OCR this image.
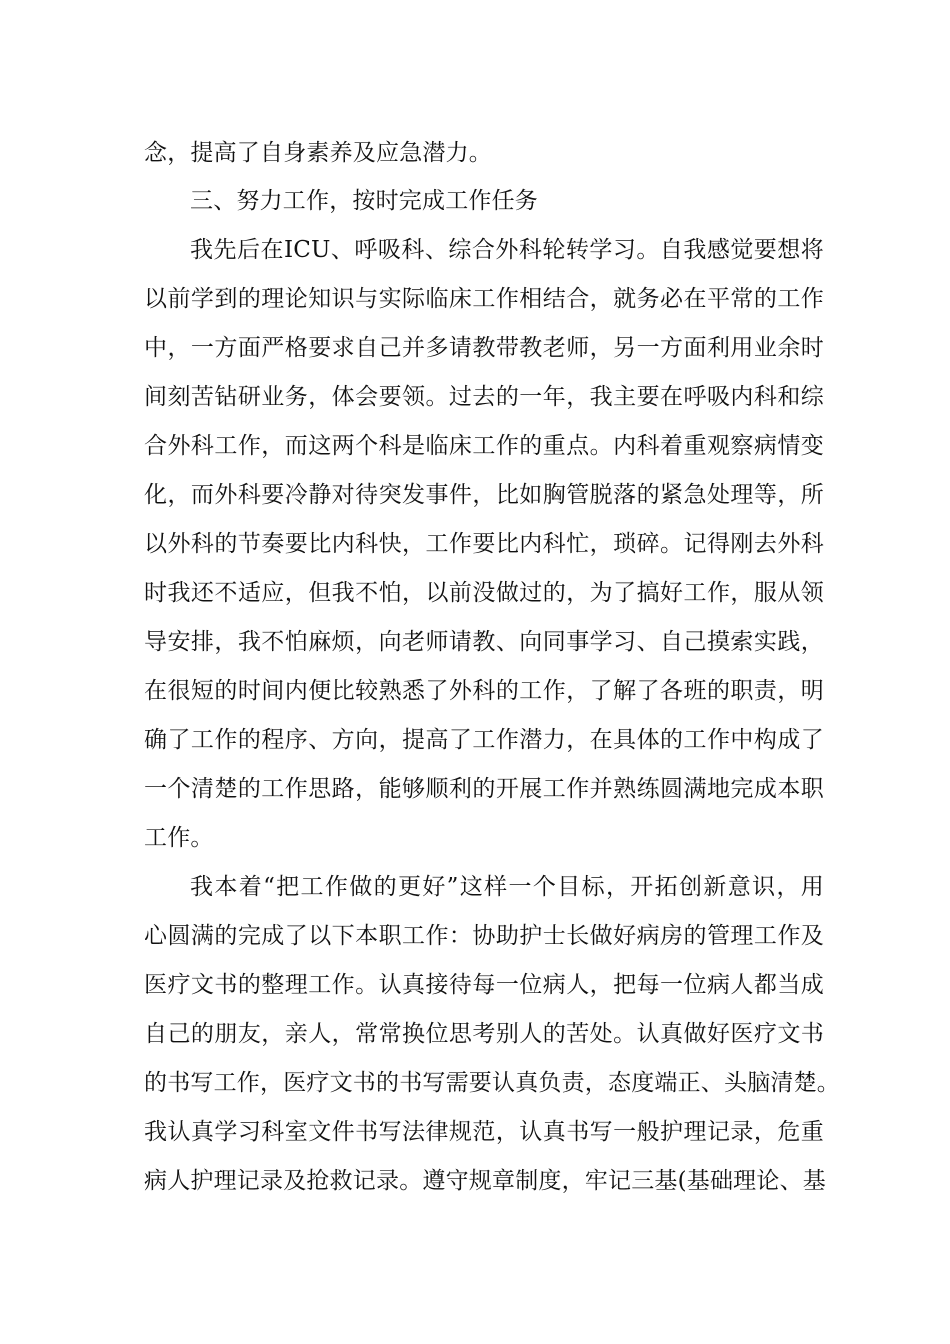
念，提高了自身素养及应急潜力。
三、努力工作，按时完成工作任务
我先后在ICU、呼吸科、综合外科轮转学习。自我感觉要想将
以前学到的理论知识与实际临床工作相结合，就务必在平常的工作
中，一方面严格要求自己并多请教带教老师，另一方面利用业余时
间刻苦钻研业务，体会要领。过去的一年，我主要在呼吸内科和综
合外科工作，而这两个科是临床工作的重点。内科着重观察病情变
化，而外科要冷静对待突发事件，比如胸管脱落的紧急处理等，所
以外科的节奏要比内科快，工作要比内科忙，琐碎。记得刚去外科
时我还不适应，但我不怕，以前没做过的，为了搞好工作，服从领
导安排，我不怕麻烦，向老师请教、向同事学习、自己摸索实践，
在很短的时间内便比较熟悉了外科的工作，了解了各班的职责，明
确了工作的程序、方向，提高了工作潜力，在具体的工作中构成了
一个清楚的工作思路，能够顺利的开展工作并熟练圆满地完成本职
工作。
我本着“把工作做的更好”这样一个目标，开拓创新意识，用
心圆满的完成了以下本职工作：协助护士长做好病房的管理工作及
医疗文书的整理工作。认真接待每一位病人，把每一位病人都当成
自己的朋友，亲人，常常换位思考别人的苦处。认真做好医疗文书
的书写工作，医疗文书的书写需要认真负责，态度端正、头脑清楚。
我认真学习科室文件书写法律规范，认真书写一般护理记录，危重
病人护理记录及抢救记录。遵守规章制度，牢记三基(基础理论、基
